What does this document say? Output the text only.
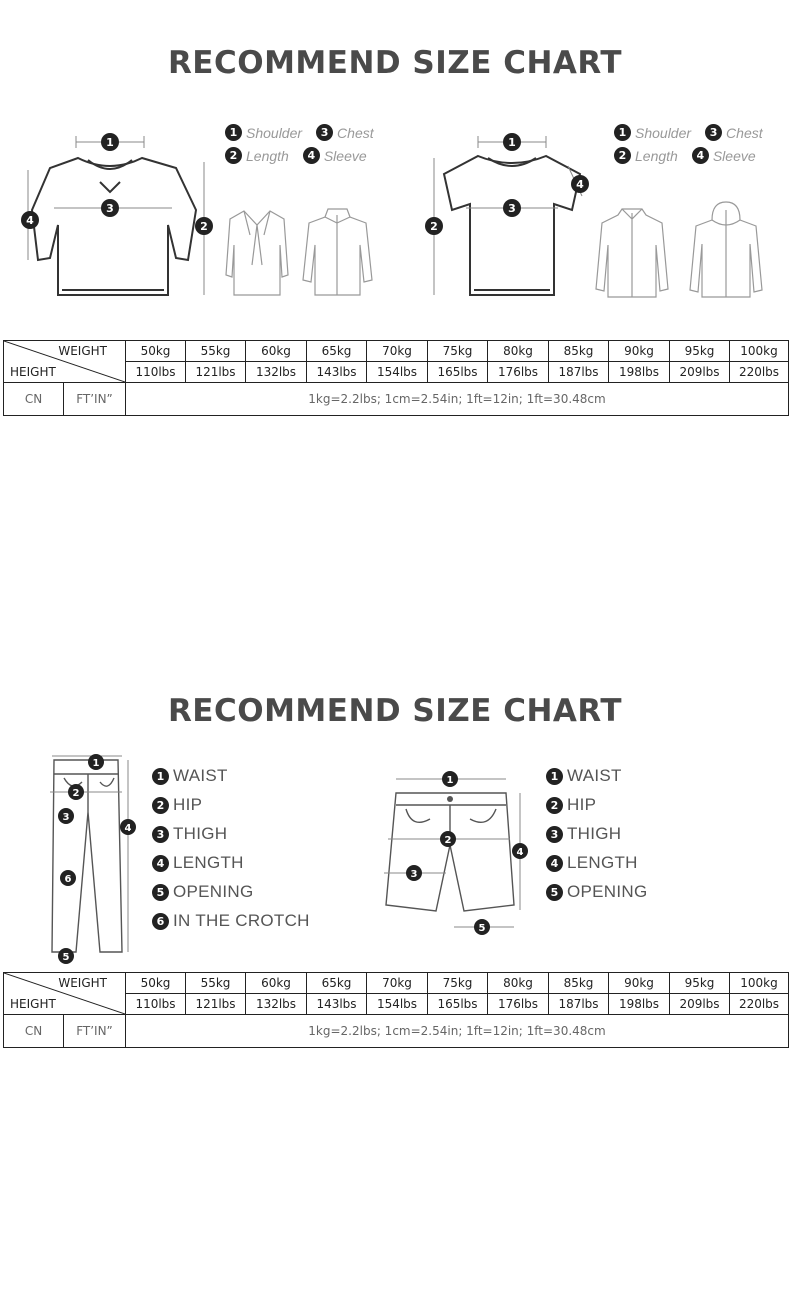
RECOMMEND SIZE CHART
1
2
3
4
1 Shoulder	3 Chest
2 Length	4 Sleeve
1
2
3
4
1 Shoulder	3 Chest
2 Length	4 Sleeve
WEIGHT
HEIGHT		50kg	55kg	60kg	65kg	70kg	75kg	80kg	85kg	90kg	95kg	100kg
		110lbs	121lbs	132lbs	143lbs	154lbs	165lbs	176lbs	187lbs	198lbs	209lbs	220lbs
CN	FT’IN”	1kg=2.2lbs; 1cm=2.54in; 1ft=12in; 1ft=30.48cm										
RECOMMEND SIZE CHART
1
2
3
4
6
5
1 WAIST
2 HIP
3 THIGH
4 LENGTH
5 OPENING
6 IN THE CROTCH
1
2
3
4
5
1 WAIST
2 HIP
3 THIGH
4 LENGTH
5 OPENING
WEIGHT
HEIGHT		50kg	55kg	60kg	65kg	70kg	75kg	80kg	85kg	90kg	95kg	100kg
		110lbs	121lbs	132lbs	143lbs	154lbs	165lbs	176lbs	187lbs	198lbs	209lbs	220lbs
CN	FT’IN”	1kg=2.2lbs; 1cm=2.54in; 1ft=12in; 1ft=30.48cm										
